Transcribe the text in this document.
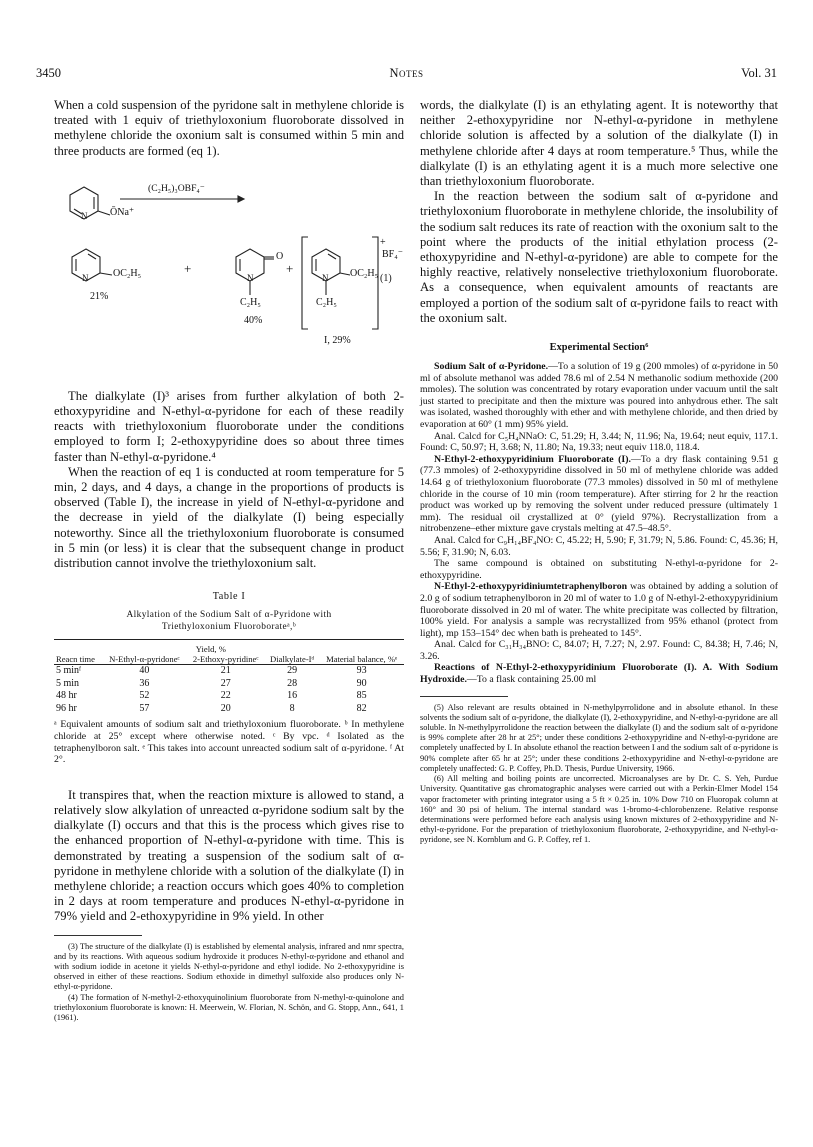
3450	Notes	Vol. 31

When a cold suspension of the pyridone salt in methylene chloride is treated with 1 equiv of triethyloxonium fluoroborate dissolved in methylene chloride the oxonium salt is consumed within 5 min and three products are formed (eq 1).

(C₂H₅)₃OBF₄⁻
ŌNa⁺
N
OC₂H₅
N
21%
+
O
N
C₂H₅
40%
+	OC₂H₅
N
C₂H₅
+
BF₄⁻
I, 29%
(1)

The dialkylate (I)³ arises from further alkylation of both 2-ethoxypyridine and N-ethyl-α-pyridone for each of these readily reacts with triethyloxonium fluoroborate under the conditions employed to form I; 2-ethoxypyridine does so about three times faster than N-ethyl-α-pyridone.⁴

When the reaction of eq 1 is conducted at room temperature for 5 min, 2 days, and 4 days, a change in the proportions of products is observed (Table I), the increase in yield of N-ethyl-α-pyridone and the decrease in yield of the dialkylate (I) being especially noteworthy. Since all the triethyloxonium fluoroborate is consumed in 5 min (or less) it is clear that the subsequent change in product distribution cannot involve the triethyloxonium salt.

Table I
Alkylation of the Sodium Salt of α-Pyridone with
Triethyloxonium Fluoroborateᵃ,ᵇ
	Yield, %			
Reacn time	N-Ethyl-α-pyridoneᶜ	2-Ethoxy-pyridineᶜ	Dialkylate-Iᵈ	Material balance, %ᵉ
5 minᶠ	40	21	29	93
5 min	36	27	28	90
48 hr	52	22	16	85
96 hr	57	20	8	82

ᵃ Equivalent amounts of sodium salt and triethyloxonium fluoroborate. ᵇ In methylene chloride at 25° except where otherwise noted. ᶜ By vpc. ᵈ Isolated as the tetraphenylboron salt. ᵉ This takes into account unreacted sodium salt of α-pyridone. ᶠ At 2°.

It transpires that, when the reaction mixture is allowed to stand, a relatively slow alkylation of unreacted α-pyridone sodium salt by the dialkylate (I) occurs and that this is the process which gives rise to the enhanced proportion of N-ethyl-α-pyridone with time. This is demonstrated by treating a suspension of the sodium salt of α-pyridone in methylene chloride with a solution of the dialkylate (I) in methylene chloride; a reaction occurs which goes 40% to completion in 2 days at room temperature and produces N-ethyl-α-pyridone in 79% yield and 2-ethoxypyridine in 9% yield. In other

(3) The structure of the dialkylate (I) is established by elemental analysis, infrared and nmr spectra, and by its reactions. With aqueous sodium hydroxide it produces N-ethyl-α-pyridone and ethanol and with sodium iodide in acetone it yields N-ethyl-α-pyridone and ethyl iodide. No 2-ethoxypyridine is observed in either of these reactions. Sodium ethoxide in dimethyl sulfoxide also produces only N-ethyl-α-pyridone.

(4) The formation of N-methyl-2-ethoxyquinolinium fluoroborate from N-methyl-α-quinolone and triethyloxonium fluoroborate is known: H. Meerwein, W. Florian, N. Schön, and G. Stopp, Ann., 641, 1 (1961).

words, the dialkylate (I) is an ethylating agent. It is noteworthy that neither 2-ethoxypyridine nor N-ethyl-α-pyridone in methylene chloride solution is affected by a solution of the dialkylate (I) in methylene chloride after 4 days at room temperature.⁵ Thus, while the dialkylate (I) is an ethylating agent it is a much more selective one than triethyloxonium fluoroborate.

In the reaction between the sodium salt of α-pyridone and triethyloxonium fluoroborate in methylene chloride, the insolubility of the sodium salt reduces its rate of reaction with the oxonium salt to the point where the products of the initial ethylation process (2-ethoxypyridine and N-ethyl-α-pyridone) are able to compete for the highly reactive, relatively nonselective triethyloxonium fluoroborate. As a consequence, when equivalent amounts of reactants are employed a portion of the sodium salt of α-pyridone fails to react with the oxonium salt.

Experimental Section⁶

Sodium Salt of α-Pyridone.—To a solution of 19 g (200 mmoles) of α-pyridone in 50 ml of absolute methanol was added 78.6 ml of 2.54 N methanolic sodium methoxide (200 mmoles). The solution was concentrated by rotary evaporation under vacuum until the salt just started to precipitate and then the mixture was poured into anhydrous ether. The salt was isolated, washed thoroughly with ether and with methylene chloride, and then dried by evaporation at 60° (1 mm) 95% yield.

Anal. Calcd for C₅H₄NNaO: C, 51.29; H, 3.44; N, 11.96; Na, 19.64; neut equiv, 117.1. Found: C, 50.97; H, 3.68; N, 11.80; Na, 19.33; neut equiv 118.0, 118.4.

N-Ethyl-2-ethoxypyridinium Fluoroborate (I).—To a dry flask containing 9.51 g (77.3 mmoles) of 2-ethoxypyridine dissolved in 50 ml of methylene chloride was added 14.64 g of triethyloxonium fluoroborate (77.3 mmoles) dissolved in 50 ml of methylene chloride in the course of 10 min (room temperature). After stirring for 2 hr the reaction product was worked up by removing the solvent under reduced pressure (ultimately 1 mm). The residual oil crystallized at 0° (yield 97%). Recrystallization from a nitrobenzene–ether mixture gave crystals melting at 47.5–48.5°.

Anal. Calcd for C₉H₁₄BF₄NO: C, 45.22; H, 5.90; F, 31.79; N, 5.86. Found: C, 45.36; H, 5.56; F, 31.90; N, 6.03.

The same compound is obtained on substituting N-ethyl-α-pyridone for 2-ethoxypyridine.

N-Ethyl-2-ethoxypyridiniumtetraphenylboron was obtained by adding a solution of 2.0 g of sodium tetraphenylboron in 20 ml of water to 1.0 g of N-ethyl-2-ethoxypyridinium fluoroborate dissolved in 20 ml of water. The white precipitate was collected by filtration, 100% yield. For analysis a sample was recrystallized from 95% ethanol (protect from light), mp 153–154° dec when bath is preheated to 145°.

Anal. Calcd for C₃₁H₃₄BNO: C, 84.07; H, 7.27; N, 2.97. Found: C, 84.38; H, 7.46; N, 3.26.

Reactions of N-Ethyl-2-ethoxypyridinium Fluoroborate (I). A. With Sodium Hydroxide.—To a flask containing 25.00 ml

(5) Also relevant are results obtained in N-methylpyrrolidone and in absolute ethanol. In these solvents the sodium salt of α-pyridone, the dialkylate (I), 2-ethoxypyridine, and N-ethyl-α-pyridone are all soluble. In N-methylpyrrolidone the reaction between the dialkylate (I) and the sodium salt of α-pyridone is 99% complete after 28 hr at 25°; under these conditions 2-ethoxypyridine and N-ethyl-α-pyridone are completely unaffected by I. In absolute ethanol the reaction between I and the sodium salt of α-pyridone is 90% complete after 65 hr at 25°; under these conditions 2-ethoxypyridine and N-ethyl-α-pyridone are completely unaffected: G. P. Coffey, Ph.D. Thesis, Purdue University, 1966.

(6) All melting and boiling points are uncorrected. Microanalyses are by Dr. C. S. Yeh, Purdue University. Quantitative gas chromatographic analyses were carried out with a Perkin-Elmer Model 154 vapor fractometer with printing integrator using a 5 ft × 0.25 in. 10% Dow 710 on Fluoropak column at 160° and 30 psi of helium. The internal standard was 1-bromo-4-chlorobenzene. Relative response determinations were performed before each analysis using known mixtures of 2-ethoxypyridine and N-ethyl-α-pyridone. For the preparation of triethyloxonium fluoroborate, 2-ethoxypyridine, and N-ethyl-α-pyridone, see N. Kornblum and G. P. Coffey, ref 1.
